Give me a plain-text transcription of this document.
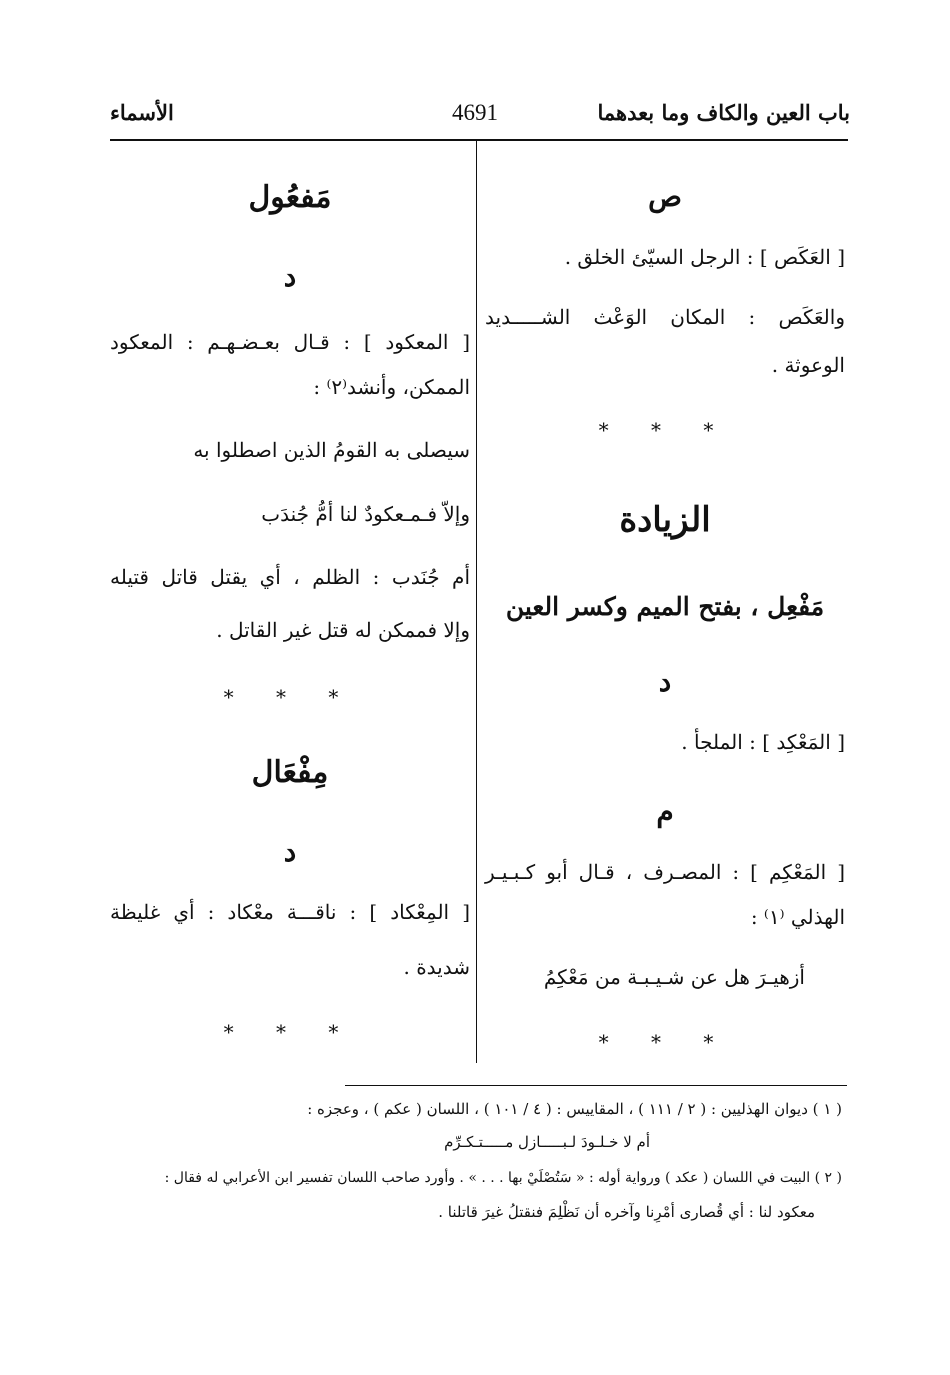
باب العين والكاف وما بعدهما
4691
الأسماء
ص
[ العَكَص ] : الرجل السيّئ الخلق .
والعَكَص : المكان الوَعْث الشـــــديد
الوعوثة .
* * *
الزيادة
مَفْعِل ، بفتح الميم وكسر العين
د
[ المَعْكِد ] : الملجأ .
م
[ المَعْكِم ] : المصـرف ، قـال أبو كـبـيـر
الهذلي ⁽١⁾ :
أزهيـرَ هل عن شـيـبـة من مَعْكِمُ
* * *
مَفعُول
د
[ المعكود ] : قـال بعـضـهـم : المعكود
الممكن، وأنشد⁽٢⁾ :
سيصلى به القومُ الذين اصطلوا به
وإلاّ فـمـعكودٌ لنا أمُّ جُندَب
أم جُنَدب : الظلم ، أي يقتل قاتل قتيله
وإلا فممكن له قتل غير القاتل .
* * *
مِفْعَال
د
[ المِعْكاد ] : ناقـــة معْكاد : أي غليظة
شديدة .
* * *
( ١ ) ديوان الهذليين : ( ٢ / ١١١ ) ، المقاييس : ( ٤ / ١٠١ ) ، اللسان ( عكم ) ، وعجزه :
أم لا خـلـودَ لـبـــــازل مـــــتـكـرِّم
( ٢ ) البيت في اللسان ( عكد ) ورواية أوله : « سَتُصْلَيْ بها . . . » . وأورد صاحب اللسان تفسير ابن الأعرابي له فقال :
معكود لنا : أي قُصارى أمْرِنا وآخره أن نَظْلِمَ فنقتلُ غيرَ قاتلنا .
